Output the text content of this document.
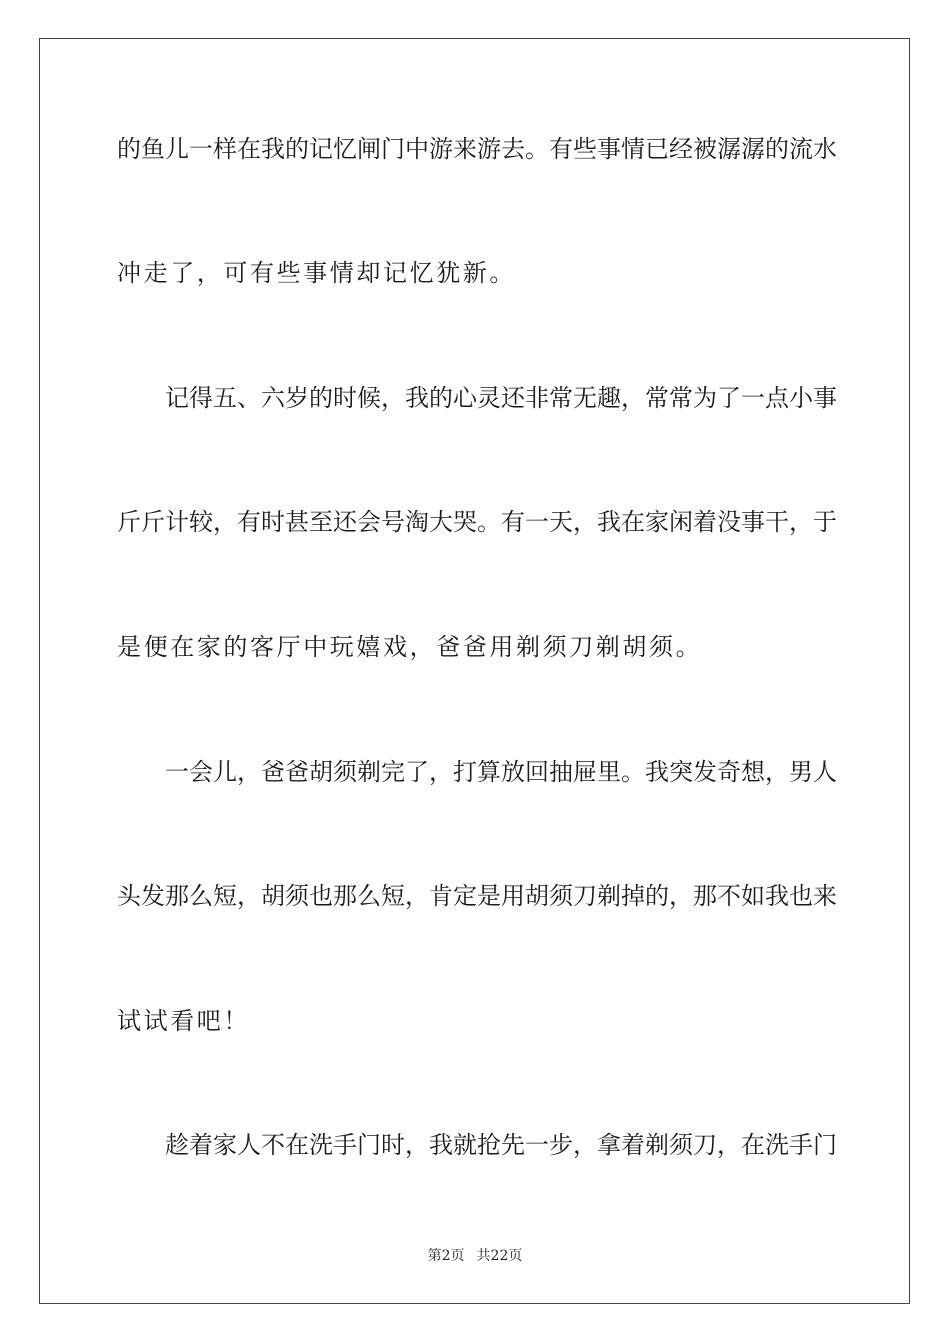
的鱼儿一样在我的记忆闸门中游来游去。有些事情已经被潺潺的流水
冲走了，可有些事情却记忆犹新。
　　记得五、六岁的时候，我的心灵还非常无趣，常常为了一点小事
斤斤计较，有时甚至还会号淘大哭。有一天，我在家闲着没事干，于
是便在家的客厅中玩嬉戏，爸爸用剃须刀剃胡须。
　　一会儿，爸爸胡须剃完了，打算放回抽屉里。我突发奇想，男人
头发那么短，胡须也那么短，肯定是用胡须刀剃掉的，那不如我也来
试试看吧！
　　趁着家人不在洗手门时，我就抢先一步，拿着剃须刀，在洗手门
第2页 共22页
